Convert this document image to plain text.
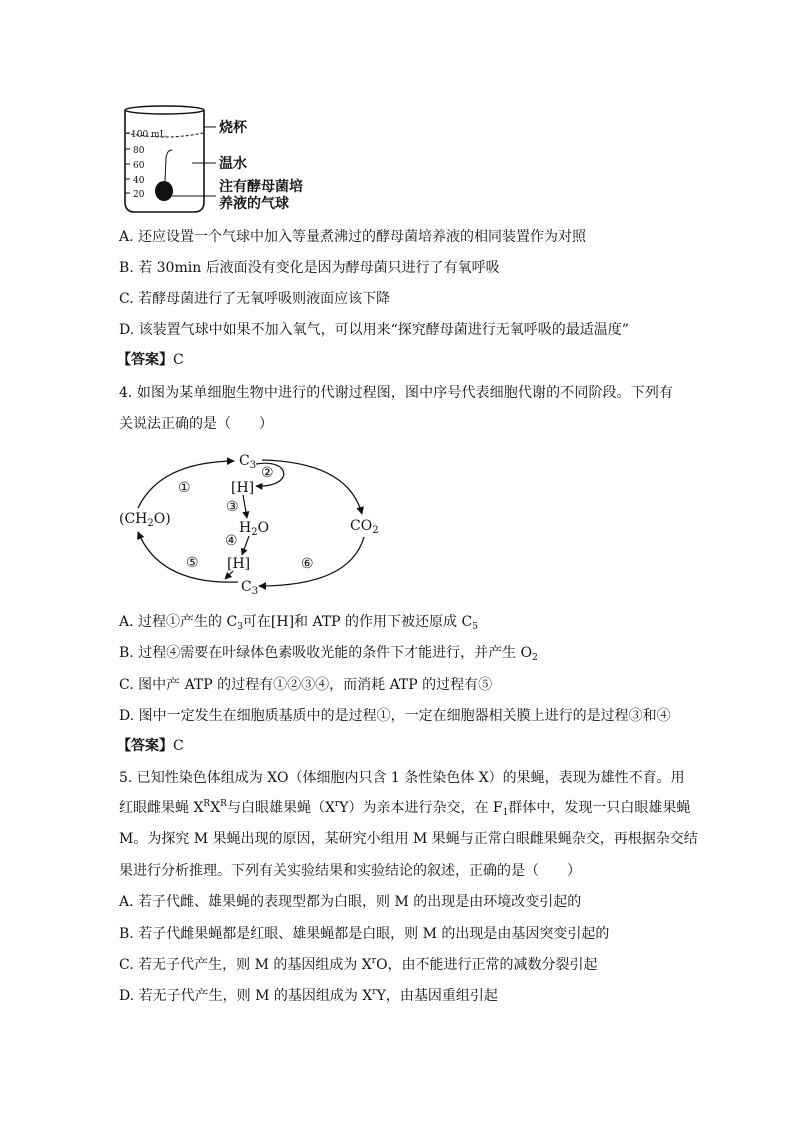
100 mL
80
60
40
20
烧杯
温水
注有酵母菌培
养液的气球
A. 还应设置一个气球中加入等量煮沸过的酵母菌培养液的相同装置作为对照
B. 若 30min 后液面没有变化是因为酵母菌只进行了有氧呼吸
C. 若酵母菌进行了无氧呼吸则液面应该下降
D. 该装置气球中如果不加入氧气，可以用来“探究酵母菌进行无氧呼吸的最适温度”
【答案】C
4. 如图为某单细胞生物中进行的代谢过程图，图中序号代表细胞代谢的不同阶段。下列有
关说法正确的是（　　）
$C_3$
[H]
$H_2O$
[H]
$C_3$
$(CH_2O)$	$CO_2$
①
②
③
④
⑤	⑥
A. 过程①产生的 $C_3$可在[H]和 ATP 的作用下被还原成 $C_5$
B. 过程④需要在叶绿体色素吸收光能的条件下才能进行，并产生 $O_2$
C. 图中产 ATP 的过程有①②③④，而消耗 ATP 的过程有⑤
D. 图中一定发生在细胞质基质中的是过程①，一定在细胞器相关膜上进行的是过程③和④
【答案】C
5. 已知性染色体组成为 XO（体细胞内只含 1 条性染色体 X）的果蝇，表现为雄性不育。用
红眼雌果蝇 $X^RX^R$与白眼雄果蝇$(X^rY)$为亲本进行杂交，在 $F_1$群体中，发现一只白眼雄果蝇
M。为探究 M 果蝇出现的原因，某研究小组用 M 果蝇与正常白眼雌果蝇杂交，再根据杂交结
果进行分析推理。下列有关实验结果和实验结论的叙述，正确的是（　　）
A. 若子代雌、雄果蝇的表现型都为白眼，则 M 的出现是由环境改变引起的
B. 若子代雌果蝇都是红眼、雄果蝇都是白眼，则 M 的出现是由基因突变引起的
C. 若无子代产生，则 M 的基因组成为 $X^rO$，由不能进行正常的减数分裂引起
D. 若无子代产生，则 M 的基因组成为 $X^rY$，由基因重组引起
